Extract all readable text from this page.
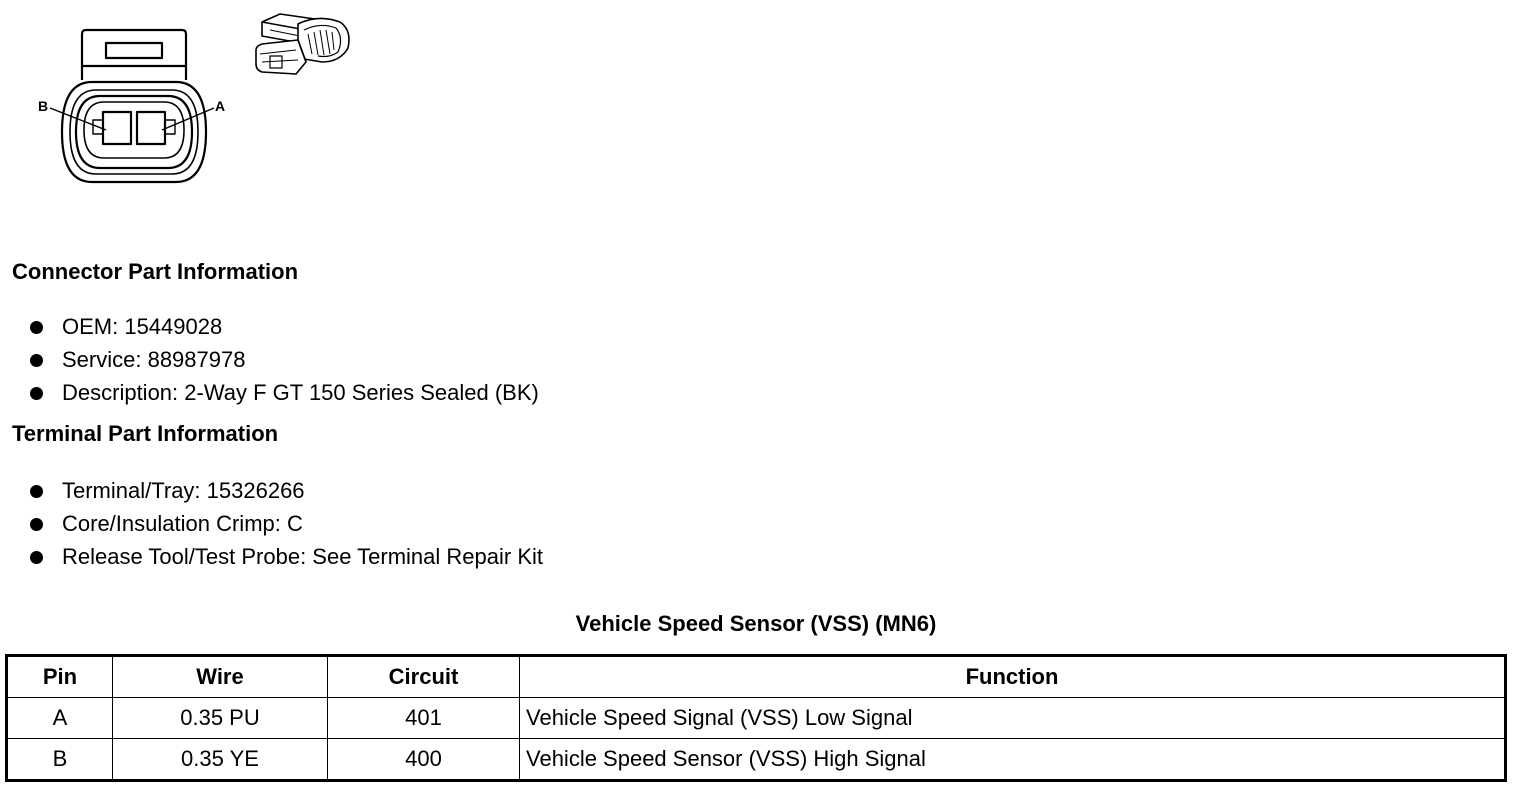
B	A
Connector Part Information
OEM: 15449028
Service: 88987978
Description: 2-Way F GT 150 Series Sealed (BK)
Terminal Part Information
Terminal/Tray: 15326266
Core/Insulation Crimp: C
Release Tool/Test Probe: See Terminal Repair Kit
Vehicle Speed Sensor (VSS) (MN6)
Pin	Wire	Circuit	Function
A	0.35 PU	401	Vehicle Speed Signal (VSS) Low Signal
B	0.35 YE	400	Vehicle Speed Sensor (VSS) High Signal
